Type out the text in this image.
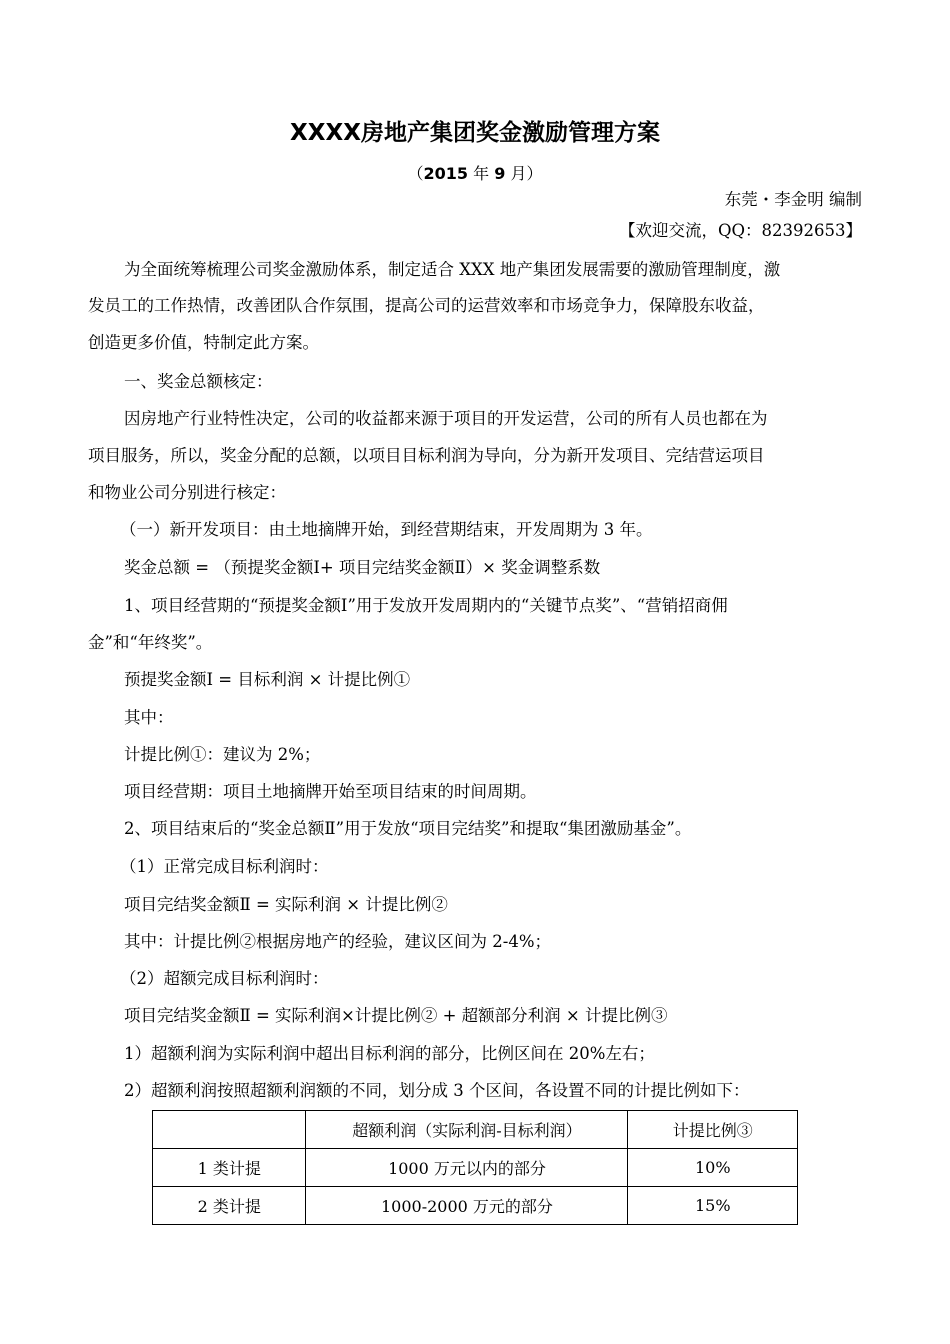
XXXX房地产集团奖金激励管理方案
（2015 年 9 月）
东莞・李金明 编制
【欢迎交流，QQ：82392653】
为全面统筹梳理公司奖金激励体系，制定适合 XXX 地产集团发展需要的激励管理制度，激
发员工的工作热情，改善团队合作氛围，提高公司的运营效率和市场竞争力，保障股东收益，
创造更多价值，特制定此方案。
一、奖金总额核定：
因房地产行业特性决定，公司的收益都来源于项目的开发运营，公司的所有人员也都在为
项目服务，所以，奖金分配的总额，以项目目标利润为导向，分为新开发项目、完结营运项目
和物业公司分别进行核定：
（一）新开发项目：由土地摘牌开始，到经营期结束，开发周期为 3 年。
奖金总额 = （预提奖金额Ⅰ+ 项目完结奖金额Ⅱ）× 奖金调整系数
1、项目经营期的“预提奖金额Ⅰ”用于发放开发周期内的“关键节点奖”、“营销招商佣
金”和“年终奖”。
预提奖金额Ⅰ = 目标利润 × 计提比例①
其中：
计提比例①：建议为 2%；
项目经营期：项目土地摘牌开始至项目结束的时间周期。
2、项目结束后的“奖金总额Ⅱ”用于发放“项目完结奖”和提取“集团激励基金”。
（1）正常完成目标利润时：
项目完结奖金额Ⅱ = 实际利润 × 计提比例②
其中：计提比例②根据房地产的经验，建议区间为 2-4%；
（2）超额完成目标利润时：
项目完结奖金额Ⅱ = 实际利润×计提比例② + 超额部分利润 × 计提比例③
1）超额利润为实际利润中超出目标利润的部分，比例区间在 20%左右；
2）超额利润按照超额利润额的不同，划分成 3 个区间，各设置不同的计提比例如下：
	超额利润（实际利润-目标利润）	计提比例③
1 类计提	1000 万元以内的部分	10%
2 类计提	1000-2000 万元的部分	15%
